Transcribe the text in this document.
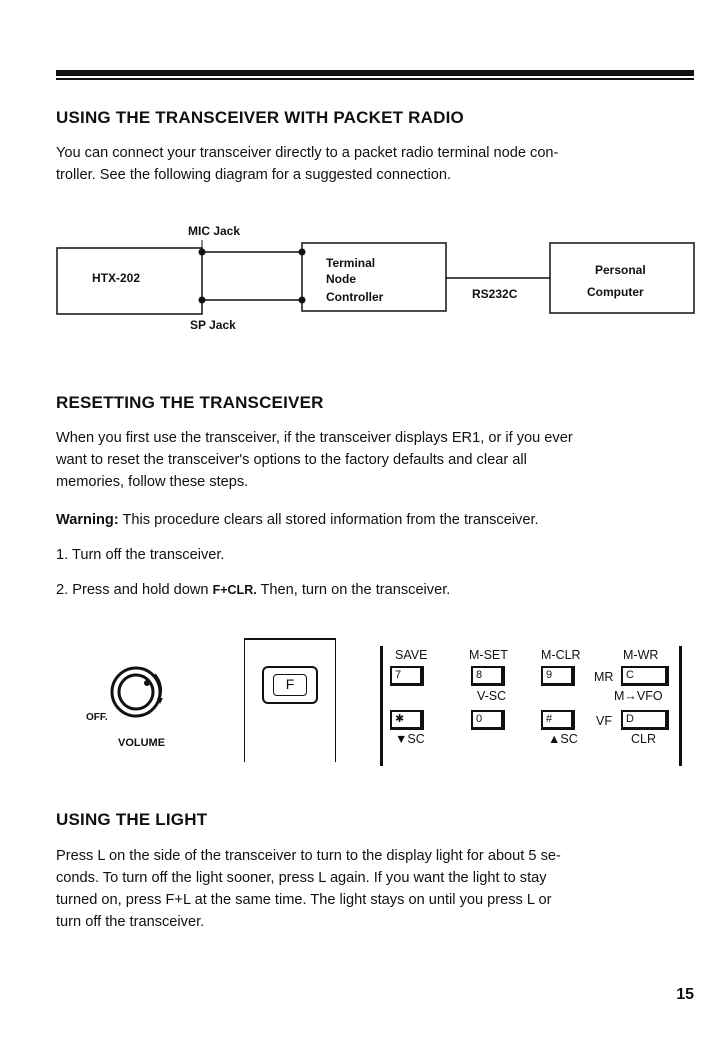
USING THE TRANSCEIVER WITH PACKET RADIO

You can connect your transceiver directly to a packet radio terminal node con-

troller. See the following diagram for a suggested connection.

MIC Jack
SP Jack
HTX-202
Terminal
Node
Controller	RS232C
Personal
Computer
RESETTING THE TRANSCEIVER

When you first use the transceiver, if the transceiver displays ER1, or if you ever

want to reset the transceiver's options to the factory defaults and clear all

memories, follow these steps.

Warning: This procedure clears all stored information from the transceiver.

1. Turn off the transceiver.

2. Press and hold down F+CLR. Then, turn on the transceiver.

OFF.
VOLUME
F
SAVE	M-SET	M-CLR	M-WR
7	8	9	MR	C
V-SC	M→VFO
✱	0	#	VF	D
▼SC	▲SC	CLR
USING THE LIGHT

Press L on the side of the transceiver to turn to the display light for about 5 se-

conds. To turn off the light sooner, press L again. If you want the light to stay

turned on, press F+L at the same time. The light stays on until you press L or

turn off the transceiver.

15
